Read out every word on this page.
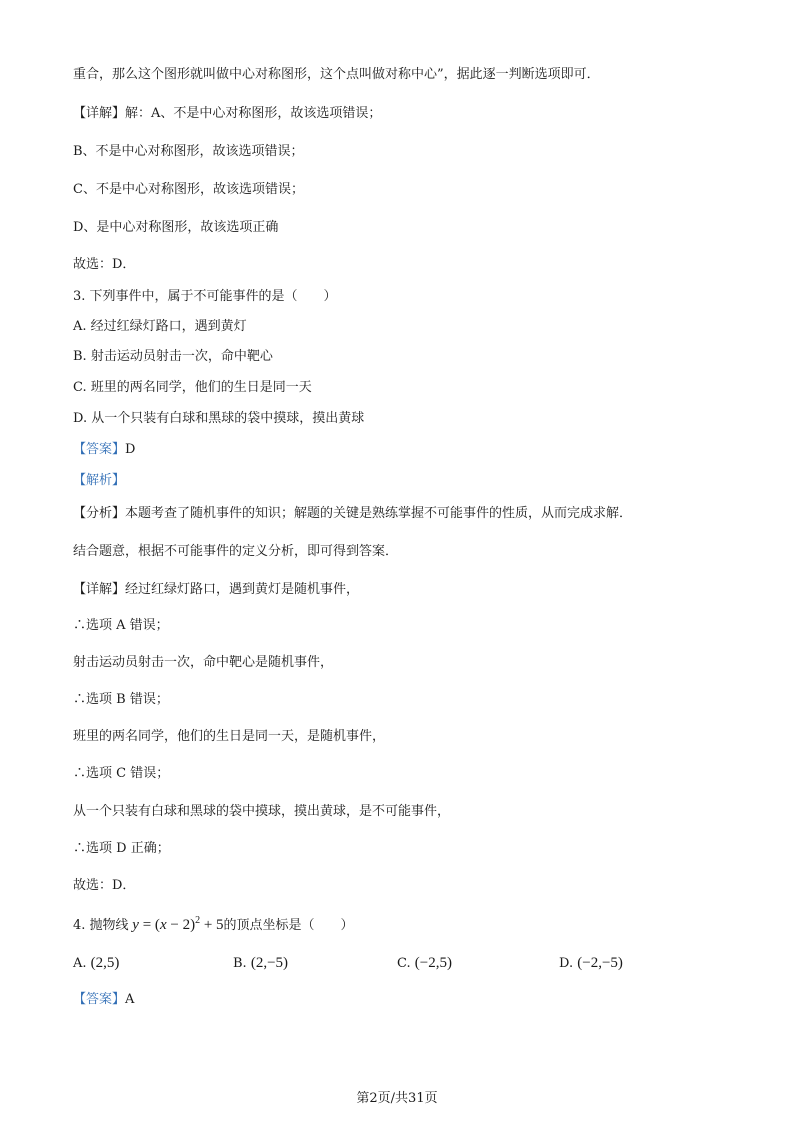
重合，那么这个图形就叫做中心对称图形，这个点叫做对称中心”，据此逐一判断选项即可．
【详解】解：A、不是中心对称图形，故该选项错误；
B、不是中心对称图形，故该选项错误；
C、不是中心对称图形，故该选项错误；
D、是中心对称图形，故该选项正确
故选：D．
3. 下列事件中，属于不可能事件的是（　　）
A. 经过红绿灯路口，遇到黄灯
B. 射击运动员射击一次，命中靶心
C. 班里的两名同学，他们的生日是同一天
D. 从一个只装有白球和黑球的袋中摸球，摸出黄球
【答案】D
【解析】
【分析】本题考查了随机事件的知识；解题的关键是熟练掌握不可能事件的性质，从而完成求解．
结合题意，根据不可能事件的定义分析，即可得到答案．
【详解】经过红绿灯路口，遇到黄灯是随机事件，
∴选项 A 错误；
射击运动员射击一次，命中靶心是随机事件，
∴选项 B 错误；
班里的两名同学，他们的生日是同一天，是随机事件，
∴选项 C 错误；
从一个只装有白球和黑球的袋中摸球，摸出黄球，是不可能事件，
∴选项 D 正确；
故选：D．
4. 抛物线 $y = (x - 2)^2 + 5$的顶点坐标是（　　）
A. (2,5)	B. (2,−5)	C. (−2,5)	D. (−2,−5)
【答案】A
第2页/共31页
